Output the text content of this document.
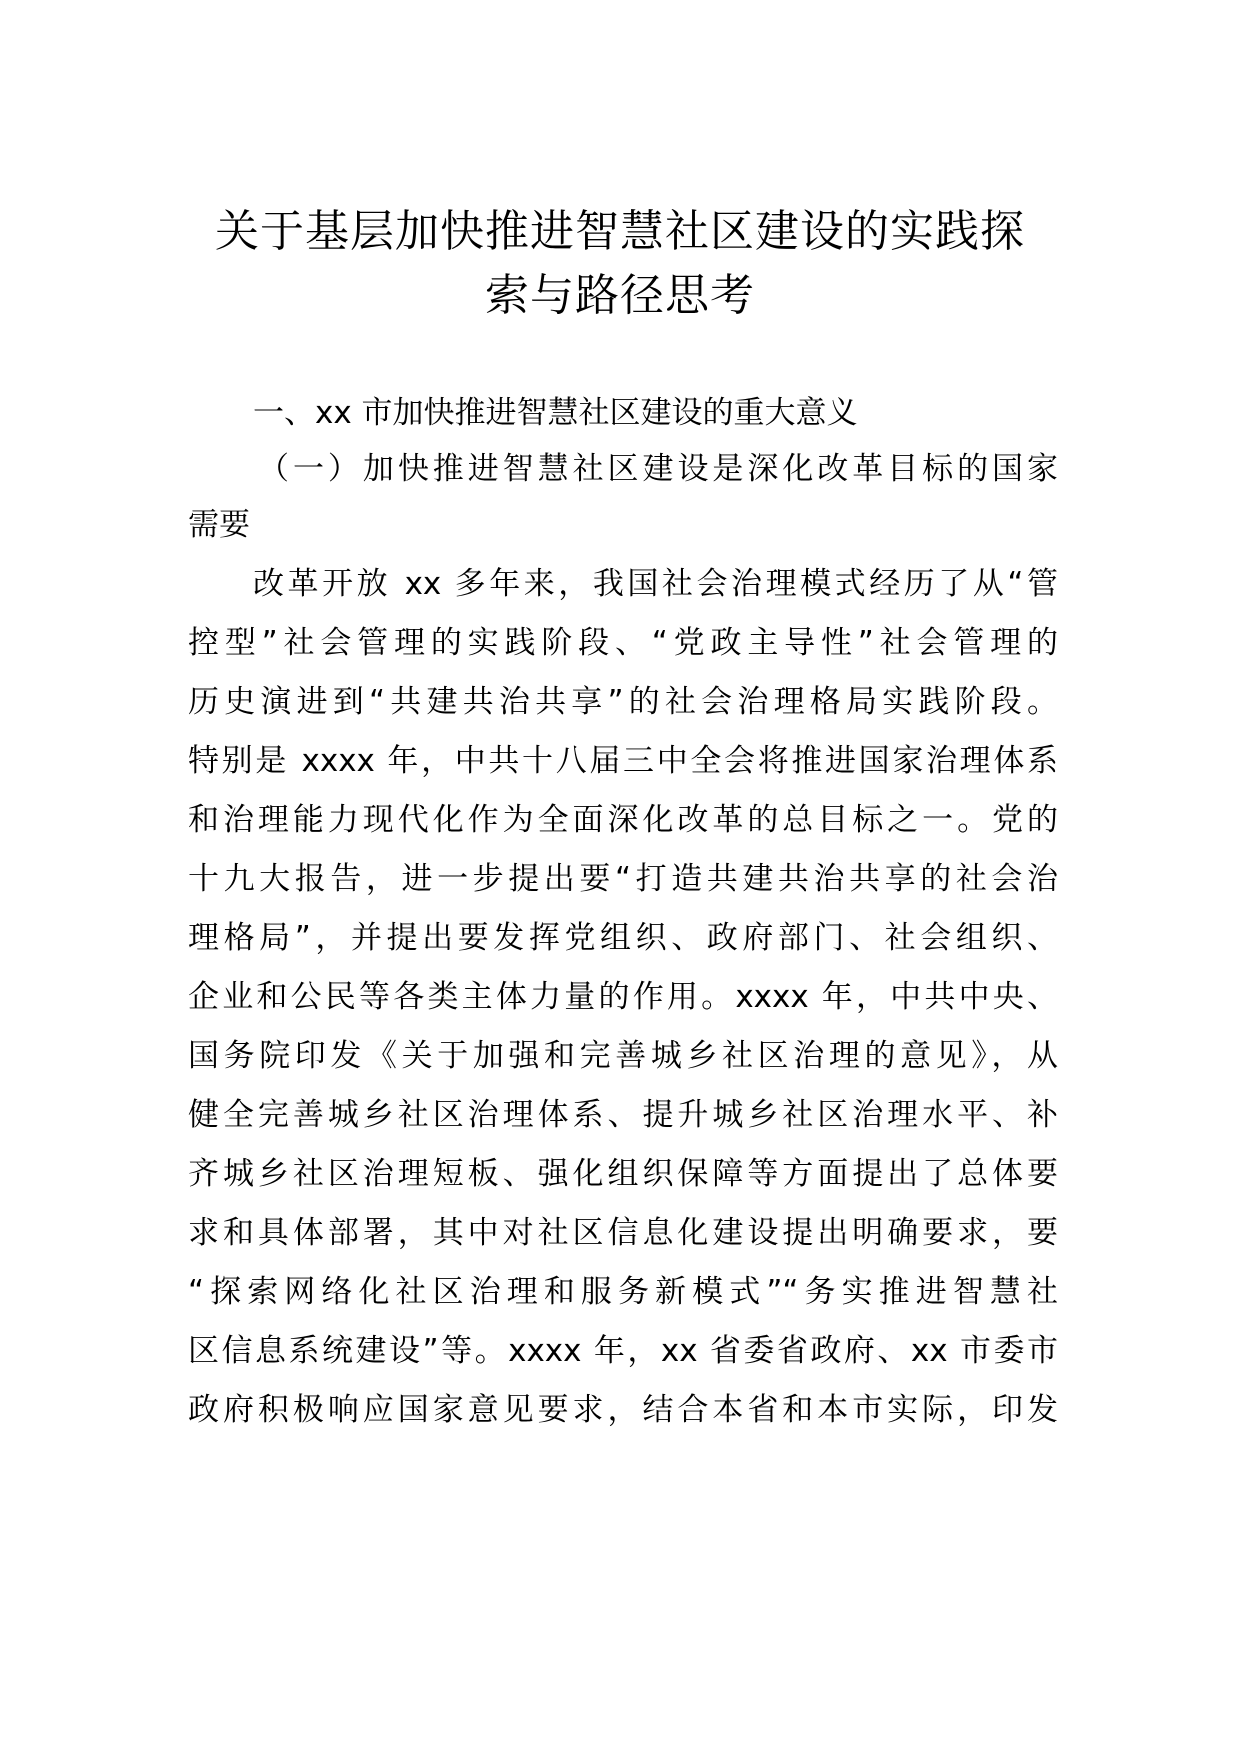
关于基层加快推进智慧社区建设的实践探
索与路径思考

一、xx 市加快推进智慧社区建设的重大意义

（一）加快推进智慧社区建设是深化改革目标的国家

需要

改革开放 xx 多年来，我国社会治理模式经历了从“管

控型”社会管理的实践阶段、“党政主导性”社会管理的

历史演进到“共建共治共享”的社会治理格局实践阶段。

特别是 xxxx 年，中共十八届三中全会将推进国家治理体系

和治理能力现代化作为全面深化改革的总目标之一。党的

十九大报告，进一步提出要“打造共建共治共享的社会治

理格局”，并提出要发挥党组织、政府部门、社会组织、

企业和公民等各类主体力量的作用。xxxx 年，中共中央、

国务院印发《关于加强和完善城乡社区治理的意见》，从

健全完善城乡社区治理体系、提升城乡社区治理水平、补

齐城乡社区治理短板、强化组织保障等方面提出了总体要

求和具体部署，其中对社区信息化建设提出明确要求，要

“探索网络化社区治理和服务新模式”“务实推进智慧社

区信息系统建设”等。xxxx 年，xx 省委省政府、xx 市委市

政府积极响应国家意见要求，结合本省和本市实际，印发
